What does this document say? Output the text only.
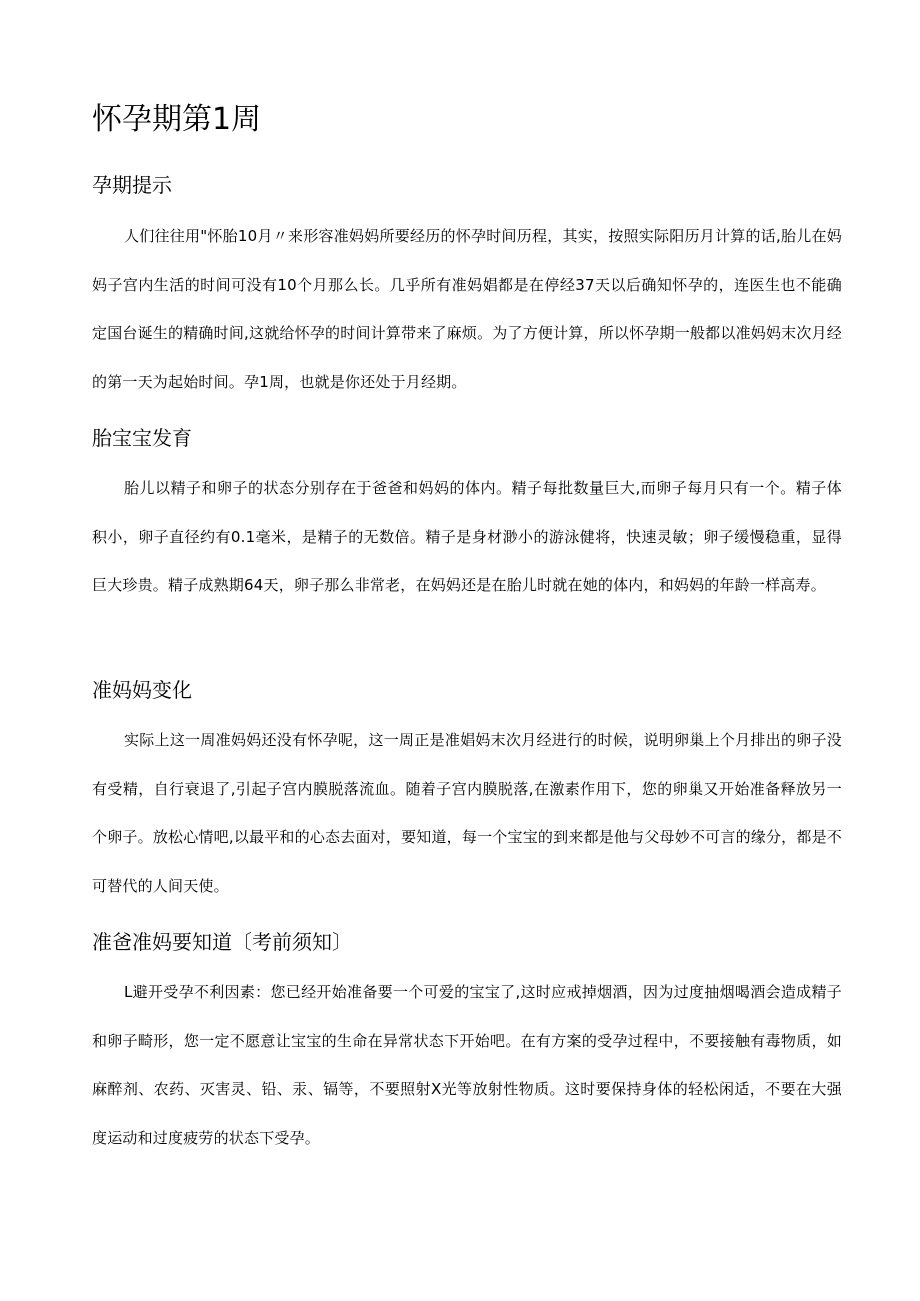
怀孕期第1周
孕期提示

人们往往用"怀胎10月〃来形容准妈妈所要经历的怀孕时间历程，其实，按照实际阳历月计算的话,胎儿在妈妈子宫内生活的时间可没有10个月那么长。几乎所有准妈娼都是在停经37天以后确知怀孕的，连医生也不能确定国台诞生的精确时间,这就给怀孕的时间计算带来了麻烦。为了方便计算，所以怀孕期一般都以准妈妈末次月经的第一天为起始时间。孕1周，也就是你还处于月经期。

胎宝宝发育

胎儿以精子和卵子的状态分别存在于爸爸和妈妈的体内。精子每批数量巨大,而卵子每月只有一个。精子体积小，卵子直径约有0.1毫米，是精子的无数倍。精子是身材渺小的游泳健将，快速灵敏；卵子缓慢稳重，显得巨大珍贵。精子成熟期64天，卵子那么非常老，在妈妈还是在胎儿时就在她的体内，和妈妈的年龄一样高寿。

准妈妈变化

实际上这一周准妈妈还没有怀孕呢，这一周正是准娼妈末次月经进行的时候，说明卵巢上个月排出的卵子没有受精，自行衰退了,引起子宫内膜脱落流血。随着子宫内膜脱落,在激素作用下，您的卵巢又开始准备释放另一个卵子。放松心情吧,以最平和的心态去面对，要知道，每一个宝宝的到来都是他与父母妙不可言的缘分，都是不可替代的人间天使。

准爸准妈要知道〔考前须知〕

L避开受孕不利因素：您已经开始准备要一个可爱的宝宝了,这时应戒掉烟酒，因为过度抽烟喝酒会造成精子和卵子畸形，您一定不愿意让宝宝的生命在异常状态下开始吧。在有方案的受孕过程中，不要接触有毒物质，如麻醉剂、农药、灭害灵、铅、汞、镉等，不要照射X光等放射性物质。这时要保持身体的轻松闲适，不要在大强度运动和过度疲劳的状态下受孕。
